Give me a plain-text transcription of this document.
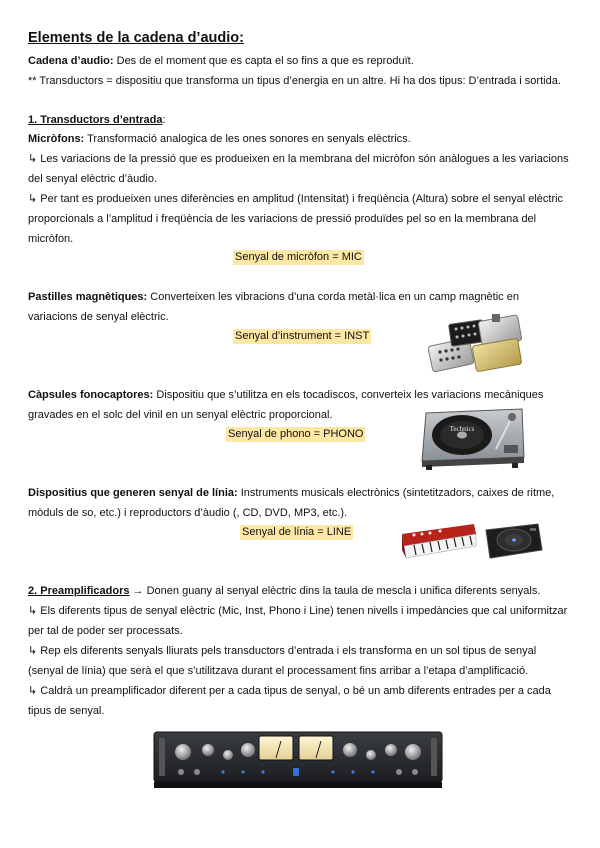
Elements de la cadena d’audio:
Cadena d’audio: Des de el moment que es capta el so fins a que es reproduït.
** Transductors = dispositiu que transforma un tipus d’energia en un altre. Hi ha dos tipus: D’entrada i sortida.
1. Transductors d’entrada:
Micròfons: Transformació analogica de les ones sonores en senyals elèctrics.
↳ Les variacions de la pressió que es produeixen en la membrana del micròfon són anàlogues a les variacions
del senyal elèctric d’àudio.
↳ Per tant es produeixen unes diferències en amplitud (Intensitat) i freqüència (Altura) sobre el senyal elèctric
proporcionals a l’amplitud i freqüència de les variacions de pressió produïdes pel so en la membrana del
micròfon.
Senyal de micròfon = MIC
Pastilles magnètiques: Converteixen les vibracions d’una corda metàl·lica en un camp magnètic en
variacions de senyal elèctric.
Senyal d’instrument = INST
Càpsules fonocaptores: Dispositiu que s’utilitza en els tocadiscos, converteix les variacions mecàniques
gravades en el solc del vinil en un senyal elèctric proporcional.
Senyal de phono = PHONO	Technics
Dispositius que generen senyal de línia: Instruments musicals electrònics (sintetitzadors, caixes de ritme,
mòduls de so, etc.) i reproductors d’àudio (, CD, DVD, MP3, etc.).
Senyal de línia = LINE
2. Preamplificadors → Donen guany al senyal elèctric dins la taula de mescla i unifica diferents senyals.
↳ Els diferents tipus de senyal elèctric (Mic, Inst, Phono i Line) tenen nivells i impedàncies que cal uniformitzar
per tal de poder ser processats.
↳ Rep els diferents senyals lliurats pels transductors d’entrada i els transforma en un sol tipus de senyal
(senyal de línia) que serà el que s’utilitzava durant el processament fins arribar a l’etapa d’amplificació.
↳ Caldrà un preamplificador diferent per a cada tipus de senyal, o bé un amb diferents entrades per a cada
tipus de senyal.
